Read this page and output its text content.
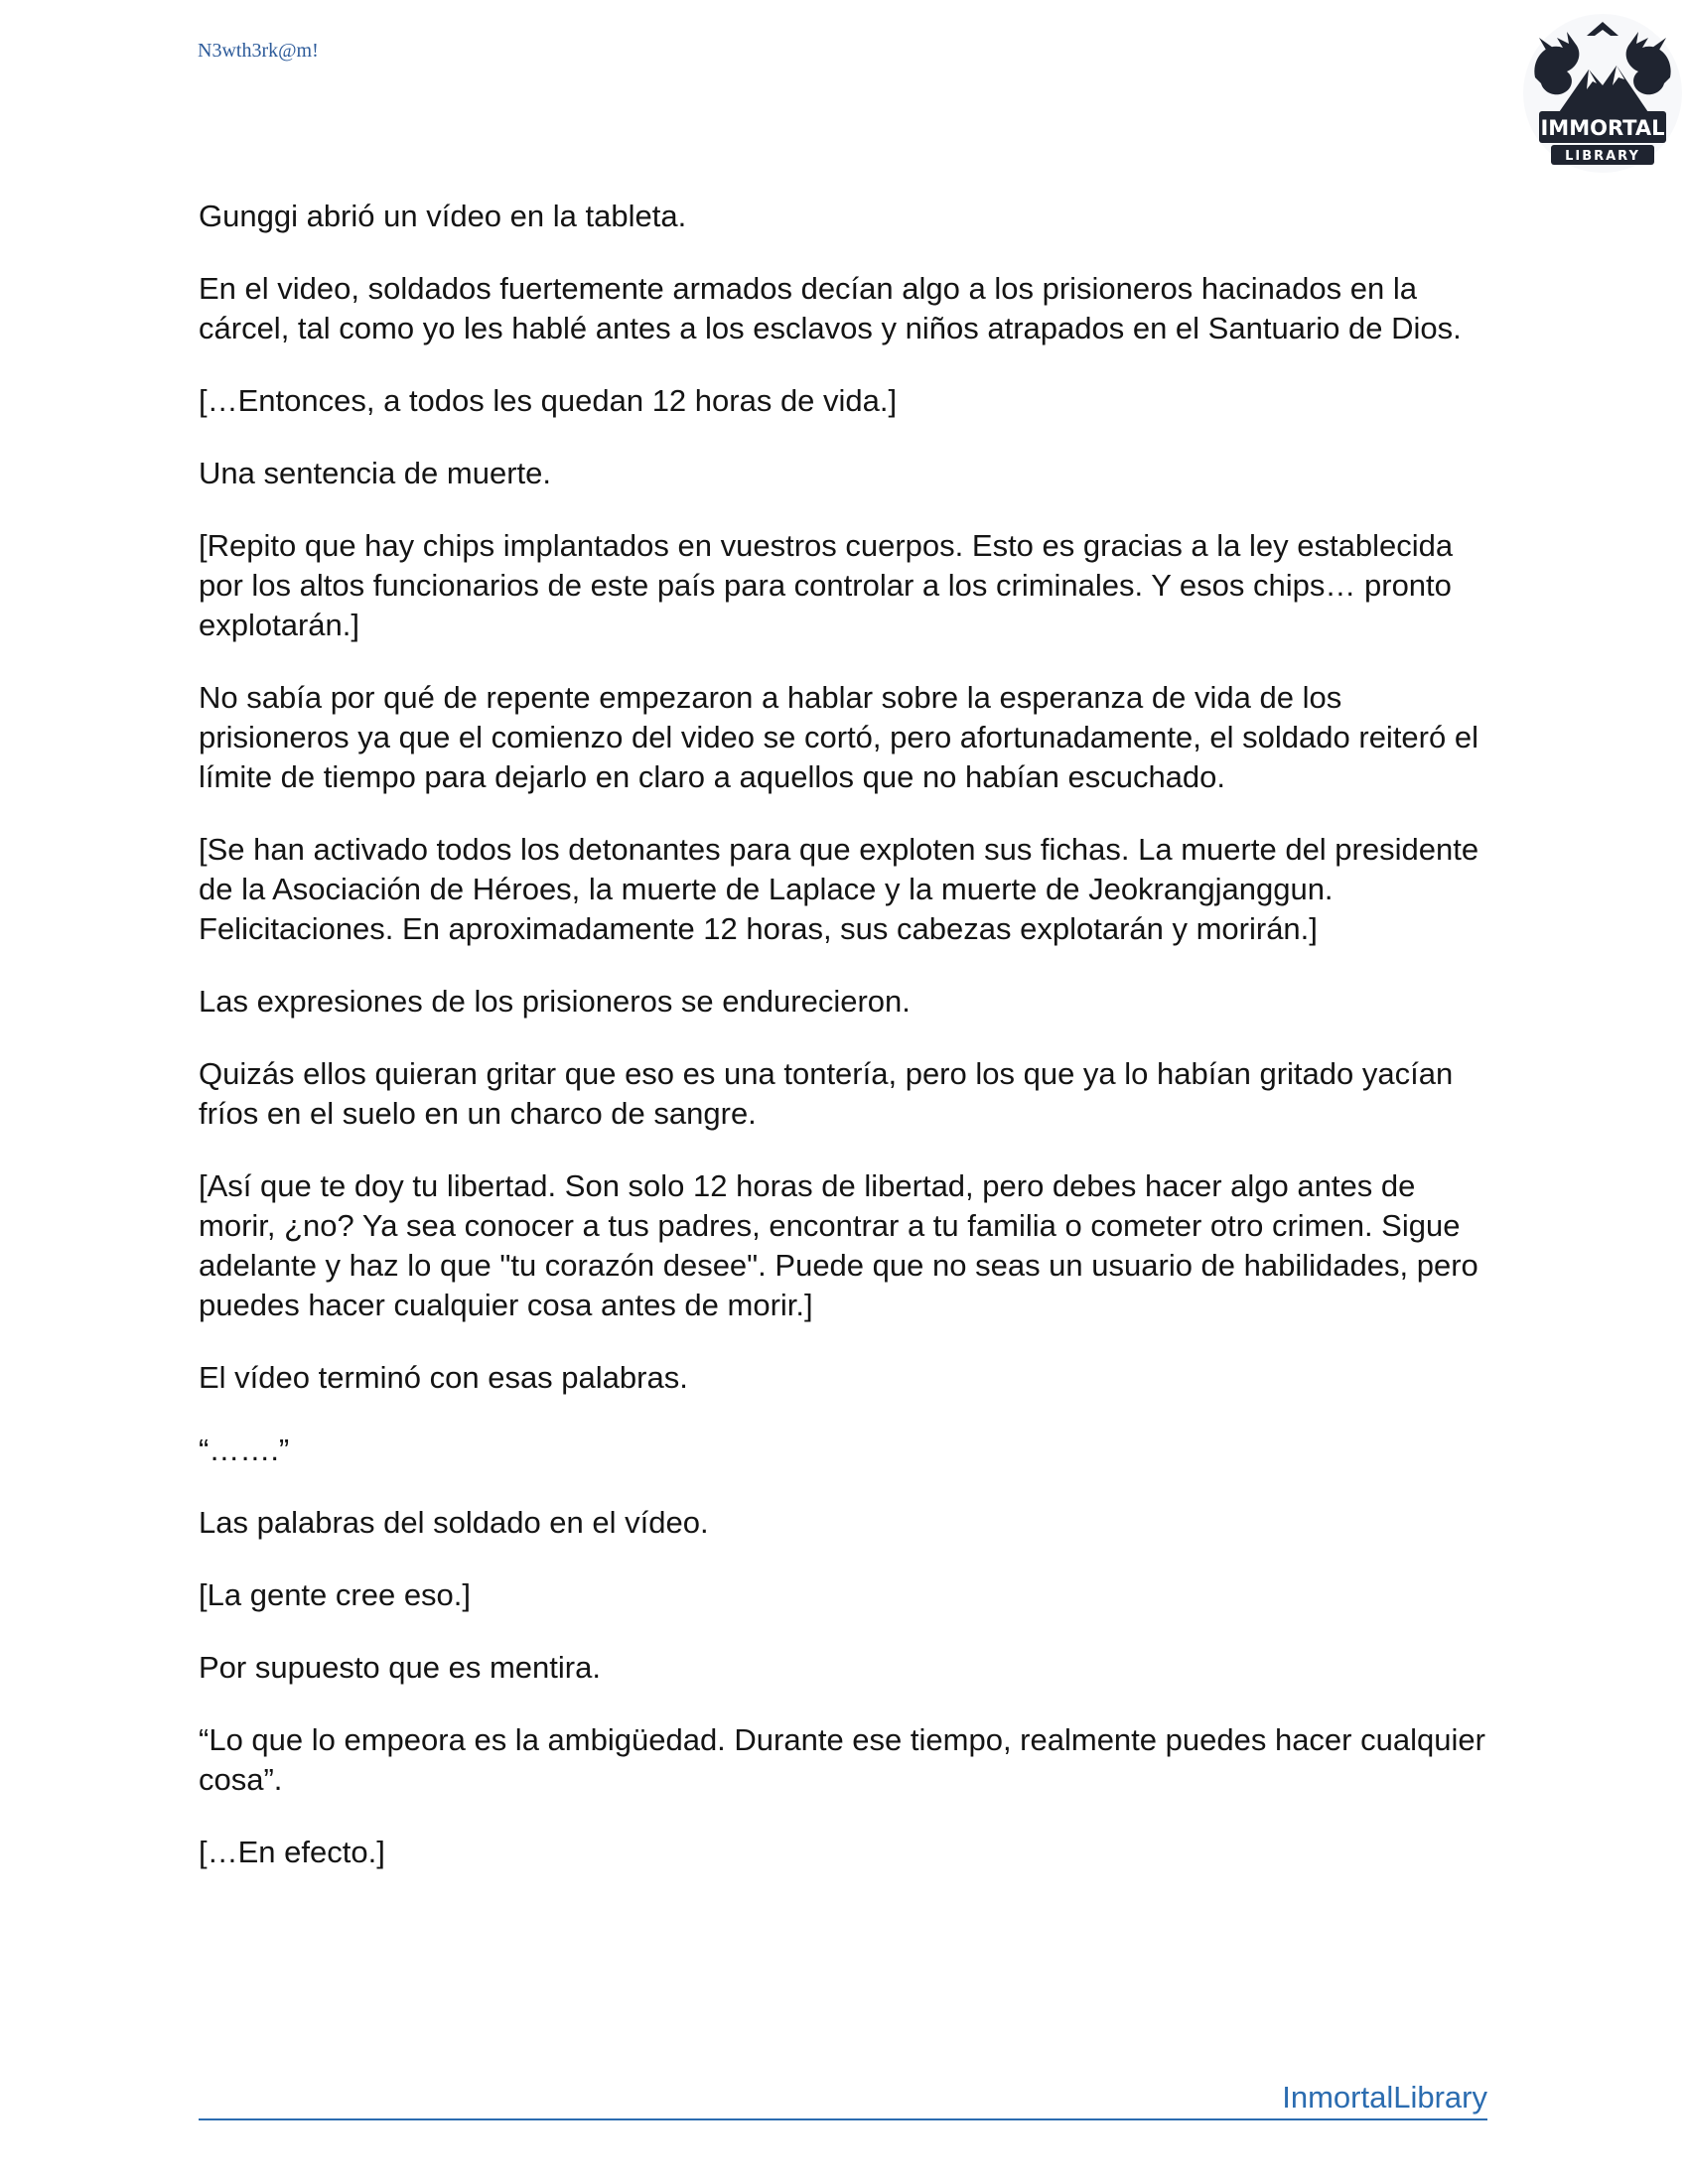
N3wth3rk@m!

IMMORTAL
LIBRARY

Gunggi abrió un vídeo en la tableta.

En el video, soldados fuertemente armados decían algo a los prisioneros hacinados en la cárcel, tal como yo les hablé antes a los esclavos y niños atrapados en el Santuario de Dios.

[…Entonces, a todos les quedan 12 horas de vida.]

Una sentencia de muerte.

[Repito que hay chips implantados en vuestros cuerpos. Esto es gracias a la ley establecida por los altos funcionarios de este país para controlar a los criminales. Y esos chips… pronto explotarán.]

No sabía por qué de repente empezaron a hablar sobre la esperanza de vida de los prisioneros ya que el comienzo del video se cortó, pero afortunadamente, el soldado reiteró el límite de tiempo para dejarlo en claro a aquellos que no habían escuchado.

[Se han activado todos los detonantes para que exploten sus fichas. La muerte del presidente de la Asociación de Héroes, la muerte de Laplace y la muerte de Jeokrangjanggun. Felicitaciones. En aproximadamente 12 horas, sus cabezas explotarán y morirán.]

Las expresiones de los prisioneros se endurecieron.

Quizás ellos quieran gritar que eso es una tontería, pero los que ya lo habían gritado yacían fríos en el suelo en un charco de sangre.

[Así que te doy tu libertad. Son solo 12 horas de libertad, pero debes hacer algo antes de morir, ¿no? Ya sea conocer a tus padres, encontrar a tu familia o cometer otro crimen. Sigue adelante y haz lo que "tu corazón desee". Puede que no seas un usuario de habilidades, pero puedes hacer cualquier cosa antes de morir.]

El vídeo terminó con esas palabras.

“…….”

Las palabras del soldado en el vídeo.

[La gente cree eso.]

Por supuesto que es mentira.

“Lo que lo empeora es la ambigüedad. Durante ese tiempo, realmente puedes hacer cualquier cosa”.

[…En efecto.]

InmortalLibrary
